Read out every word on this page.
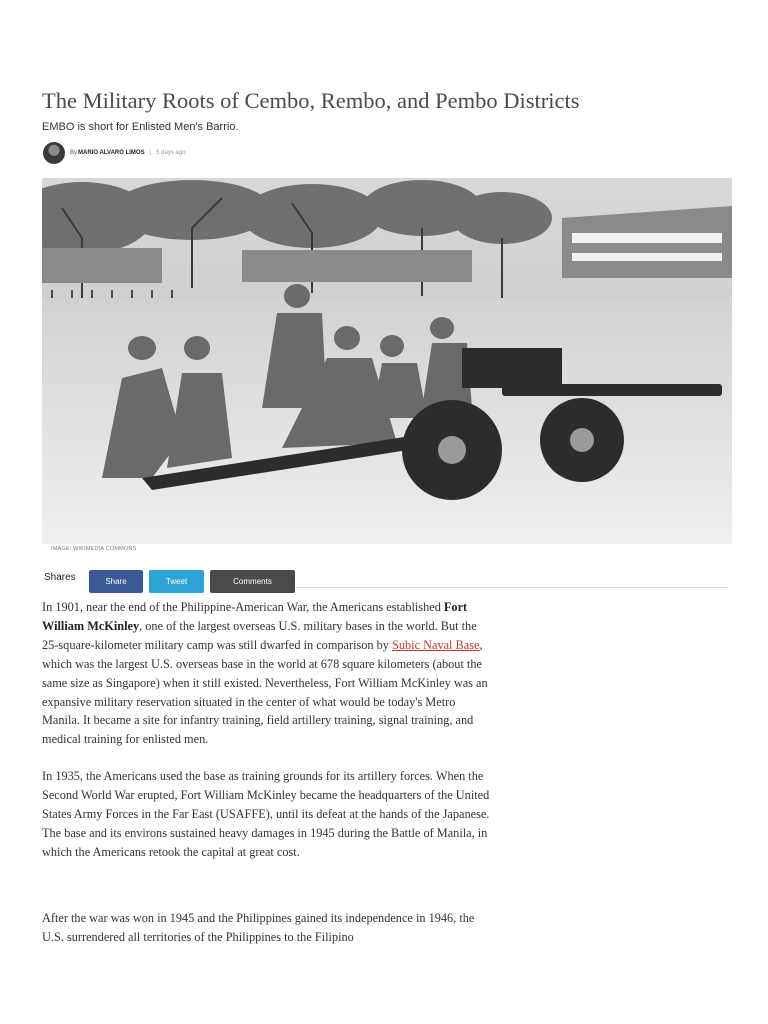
The Military Roots of Cembo, Rembo, and Pembo Districts
EMBO is short for Enlisted Men's Barrio.
By MARIO ALVARO LIMOS | 5 days ago
IMAGE: WIKIMEDIA COMMONS
Shares	Share	Tweet	Comments

In 1901, near the end of the Philippine-American War, the Americans established Fort William McKinley, one of the largest overseas U.S. military bases in the world. But the 25-square-kilometer military camp was still dwarfed in comparison by Subic Naval Base, which was the largest U.S. overseas base in the world at 678 square kilometers (about the same size as Singapore) when it still existed. Nevertheless, Fort William McKinley was an expansive military reservation situated in the center of what would be today's Metro Manila. It became a site for infantry training, field artillery training, signal training, and medical training for enlisted men.

In 1935, the Americans used the base as training grounds for its artillery forces. When the Second World War erupted, Fort William McKinley became the headquarters of the United States Army Forces in the Far East (USAFFE), until its defeat at the hands of the Japanese. The base and its environs sustained heavy damages in 1945 during the Battle of Manila, in which the Americans retook the capital at great cost.

After the war was won in 1945 and the Philippines gained its independence in 1946, the U.S. surrendered all territories of the Philippines to the Filipino
